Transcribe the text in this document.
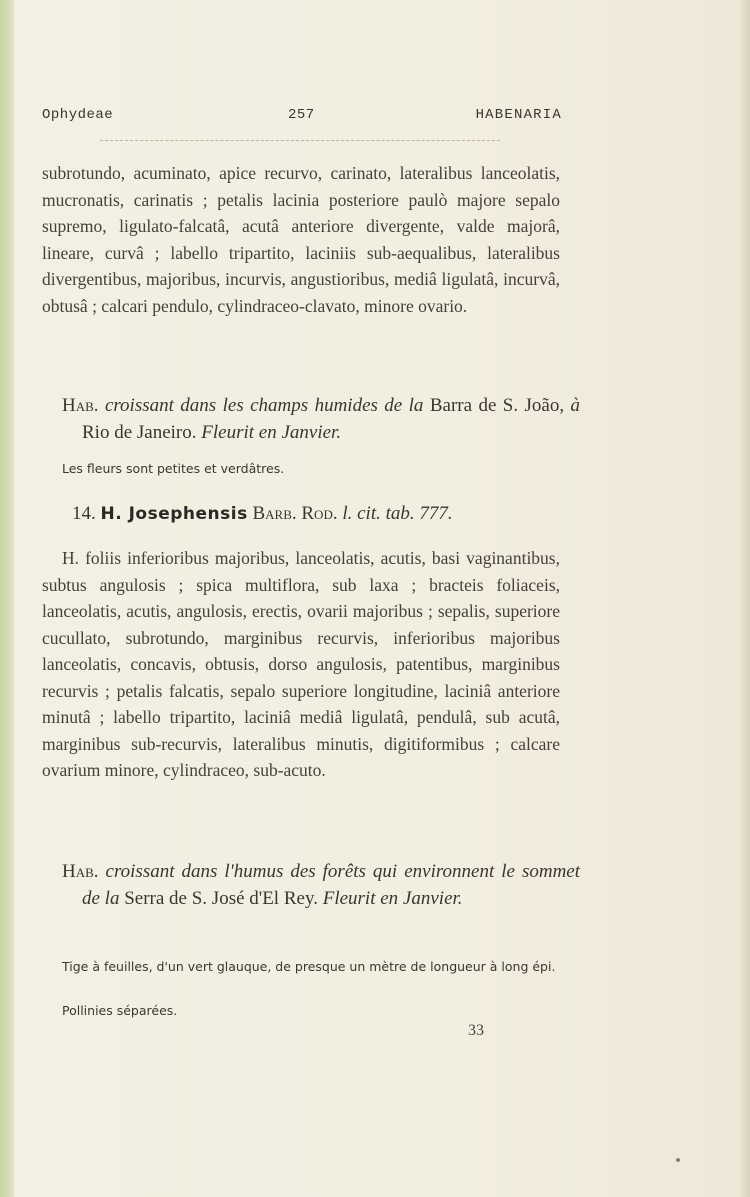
Ophydeae	257	HABENARIA
subrotundo, acuminato, apice recurvo, carinato, lateralibus lanceolatis, mucronatis, carinatis ; petalis lacinia posteriore paulò majore sepalo supremo, ligulato-falcatâ, acutâ anteriore divergente, valde majorâ, lineare, curvâ ; labello tripartito, laciniis sub-aequalibus, lateralibus divergentibus, majoribus, incurvis, angustioribus, mediâ ligulatâ, incurvâ, obtusâ ; calcari pendulo, cylindraceo-clavato, minore ovario.
Hab. croissant dans les champs humides de la Barra de S. João, à Rio de Janeiro. Fleurit en Janvier.
Les fleurs sont petites et verdâtres.
14. H. Josephensis Barb. Rod. l. cit. tab. 777.
H. foliis inferioribus majoribus, lanceolatis, acutis, basi vaginantibus, subtus angulosis ; spica multiflora, sub laxa ; bracteis foliaceis, lanceolatis, acutis, angulosis, erectis, ovarii majoribus ; sepalis, superiore cucullato, subrotundo, marginibus recurvis, inferioribus majoribus lanceolatis, concavis, obtusis, dorso angulosis, patentibus, marginibus recurvis ; petalis falcatis, sepalo superiore longitudine, laciniâ anteriore minutâ ; labello tripartito, laciniâ mediâ ligulatâ, pendulâ, sub acutâ, marginibus sub-recurvis, lateralibus minutis, digitiformibus ; calcare ovarium minore, cylindraceo, sub-acuto.
Hab. croissant dans l'humus des forêts qui environnent le sommet de la Serra de S. José d'El Rey. Fleurit en Janvier.
Tige à feuilles, d'un vert glauque, de presque un mètre de longueur à long épi.
Pollinies séparées.
33
